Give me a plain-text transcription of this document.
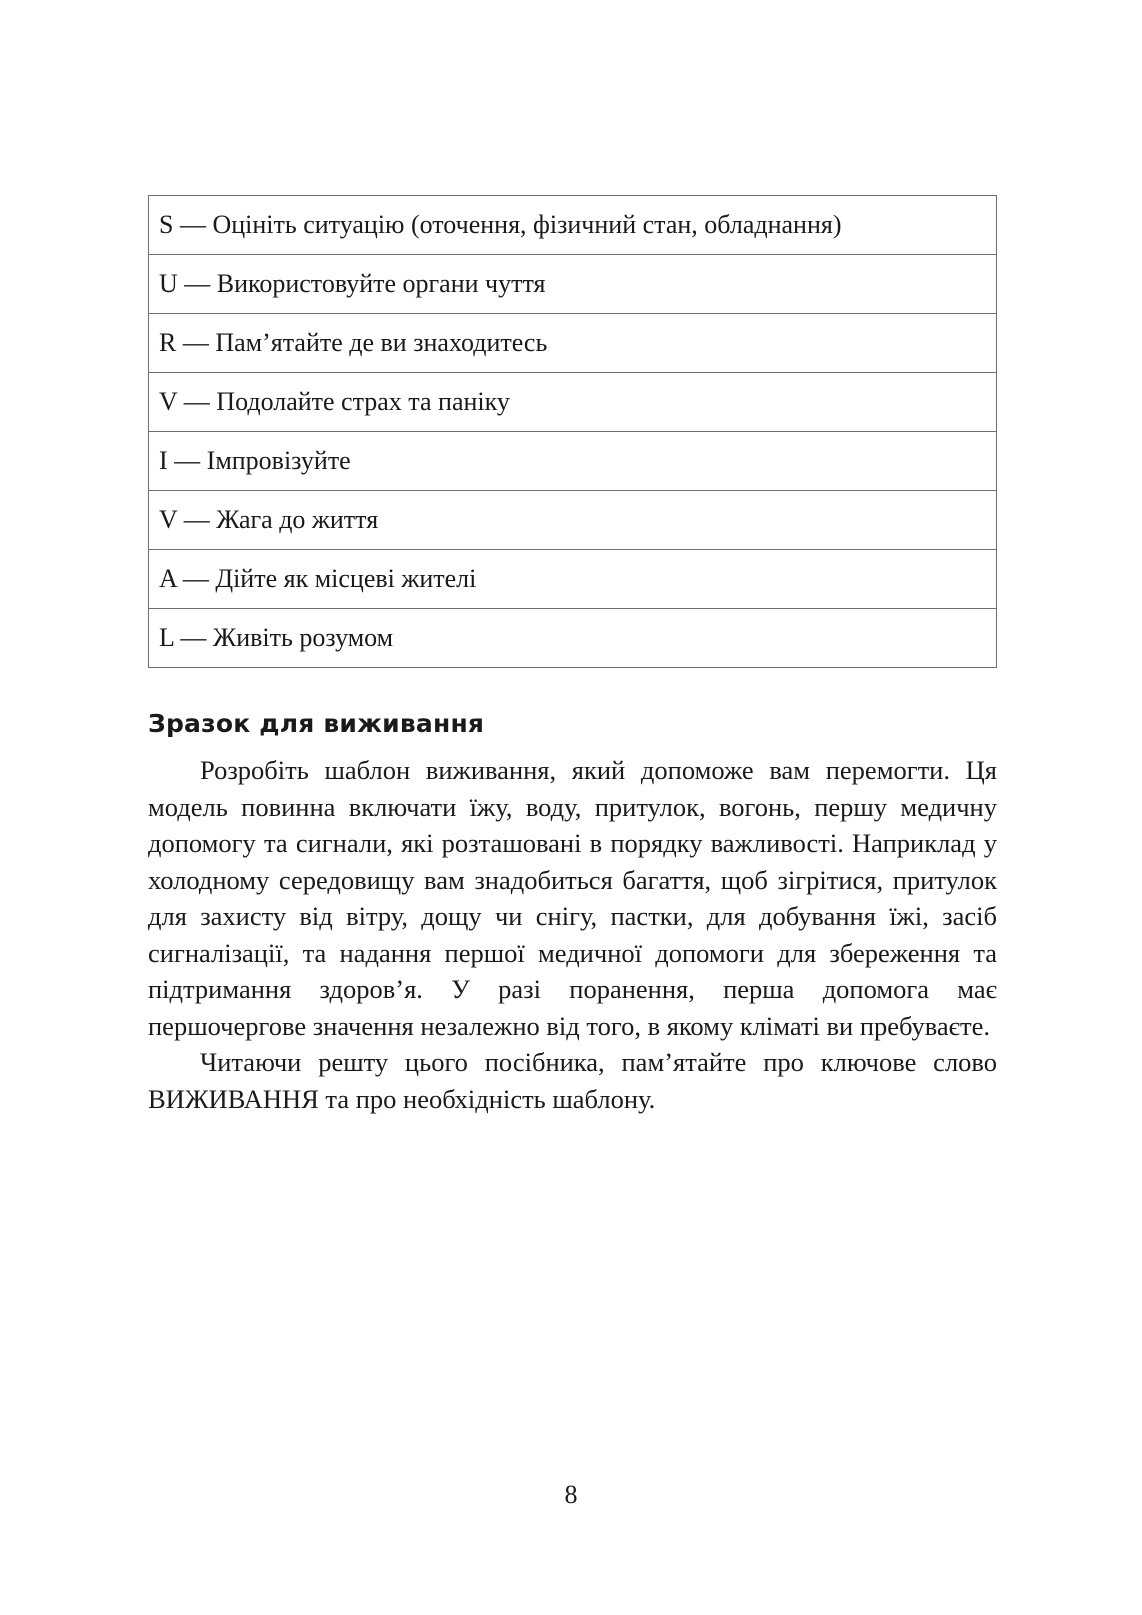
S — Оцініть ситуацію (оточення, фізичний стан, обладнання)
U — Використовуйте органи чуття
R — Пам’ятайте де ви знаходитесь
V — Подолайте страх та паніку
I — Імпровізуйте
V — Жага до життя
A — Дійте як місцеві жителі
L — Живіть розумом
Зразок для виживання

Розробіть шаблон виживання, який допоможе вам перемогти. Ця модель повинна включати їжу, воду, притулок, вогонь, першу медичну допомогу та сигнали, які розташовані в порядку важливості. Наприклад у холодному середовищу вам знадобиться багаття, щоб зігрітися, притулок для захисту від вітру, дощу чи снігу, пастки, для добування їжі, засіб сигналізації, та надання першої медичної допомоги для збереження та підтримання здоров’я. У разі поранення, перша допомога має першочергове значення незалежно від того, в якому кліматі ви пребуваєте.

Читаючи решту цього посібника, пам’ятайте про ключове слово ВИЖИВАННЯ та про необхідність шаблону.

8
